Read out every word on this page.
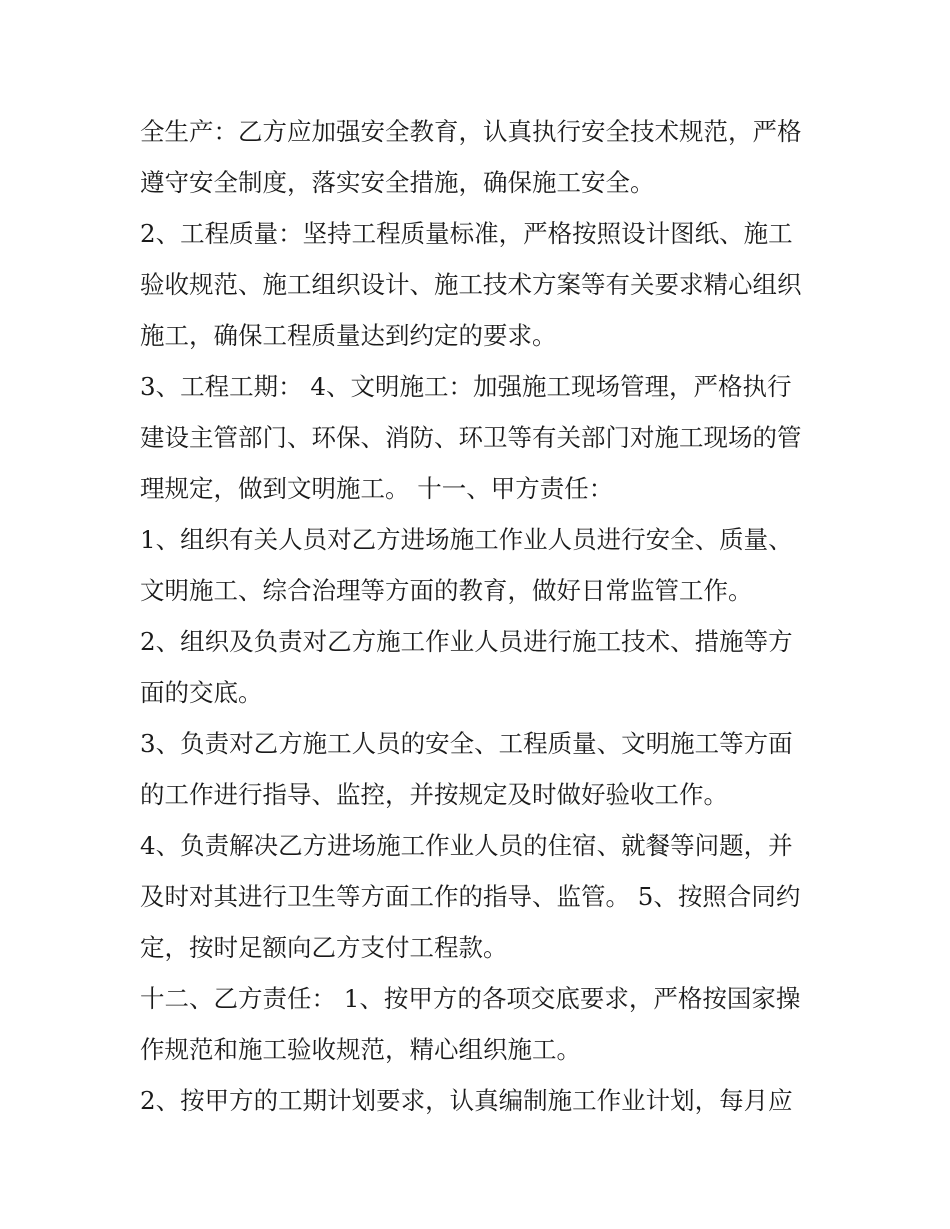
全生产：乙方应加强安全教育，认真执行安全技术规范，严格
遵守安全制度，落实安全措施，确保施工安全。
2、工程质量：坚持工程质量标准，严格按照设计图纸、施工
验收规范、施工组织设计、施工技术方案等有关要求精心组织
施工，确保工程质量达到约定的要求。
3、工程工期： 4、文明施工：加强施工现场管理，严格执行
建设主管部门、环保、消防、环卫等有关部门对施工现场的管
理规定，做到文明施工。 十一、甲方责任：
1、组织有关人员对乙方进场施工作业人员进行安全、质量、
文明施工、综合治理等方面的教育，做好日常监管工作。
2、组织及负责对乙方施工作业人员进行施工技术、措施等方
面的交底。
3、负责对乙方施工人员的安全、工程质量、文明施工等方面
的工作进行指导、监控，并按规定及时做好验收工作。
4、负责解决乙方进场施工作业人员的住宿、就餐等问题，并
及时对其进行卫生等方面工作的指导、监管。 5、按照合同约
定，按时足额向乙方支付工程款。
十二、乙方责任： 1、按甲方的各项交底要求，严格按国家操
作规范和施工验收规范，精心组织施工。
2、按甲方的工期计划要求，认真编制施工作业计划，每月应
